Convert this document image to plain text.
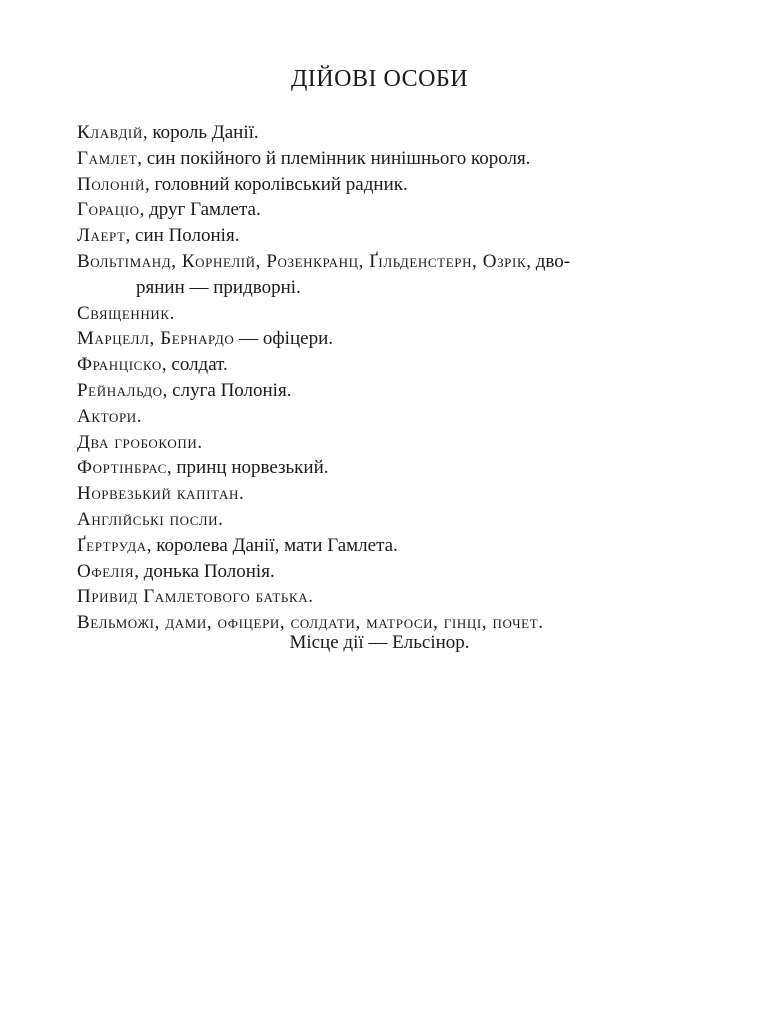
ДІЙОВІ ОСОБИ
Клавдій, король Данії.
Гамлет, син покійного й племінник нинішнього короля.
Полоній, головний королівський радник.
Горацio, друг Гамлета.
Лаерт, син Полонія.
Вольтіманд, Корнелій, Розенкранц, Ґільденстерн, Озрік, дво-
рянин — придворні.
Священник.
Марцелл, Бернардо — офіцери.
Франціско, солдат.
Рейнальдо, слуга Полонія.
Актори.
Два гробокопи.
Фортінбрас, принц норвезький.
Норвезький капітан.
Англійські посли.
Ґертруда, королева Данії, мати Гамлета.
Офелія, донька Полонія.
Привид Гамлетового батька.
Вельможі, дами, офіцери, солдати, матроси, гінці, почет.

Місце дії — Ельсінор.
